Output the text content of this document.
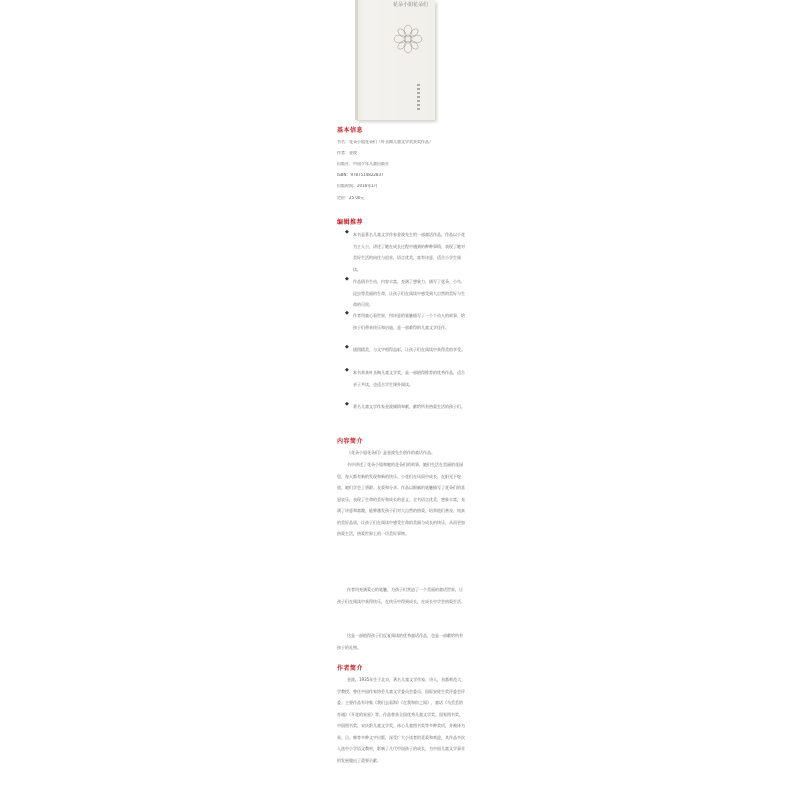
花朵小姐花朵们
基本信息
书名：花朵小姐花朵们（叶圣陶儿童文学奖获奖作品）
作者：金波
出版社：中国少年儿童出版社
ISBN：9787514822837
出版时间：2016年1月
定价：25.00元
编辑推荐
◆ 本书是著名儿童文学作家金波先生的一部童话作品，作品以小花为主人公，讲述了她在成长过程中遇到的种种事情，表现了她对美好生活的向往与追求，语言优美，富有诗意，适合小学生阅读。
◆ 作品情节生动，内容丰富，充满了想象力，描写了花朵、小鸟、昆虫等美丽的生命，让孩子们在阅读中感受到大自然的美好与生命的可贵。
◆ 作者用童心看世界，用诗意的笔触描写了一个个动人的故事，给孩子们带来快乐和启迪，是一部难得的儿童文学佳作。
◆ 插图精美，与文字相得益彰，让孩子们在阅读中获得美的享受。
◆ 本书荣获叶圣陶儿童文学奖，是一部值得推荐的优秀作品，适合亲子共读，也适合学生课外阅读。
◆ 著名儿童文学作家金波倾情奉献，献给所有热爱生活的孩子们。
内容简介
《花朵小姐花朵们》是金波先生创作的童话作品。
书中讲述了花朵小姐和她的花朵们的故事，她们生活在美丽的花园里，每天都有新的发现和新的快乐。小花们在风雨中成长，在阳光下绽放，她们学会了勇敢、友爱和分享。作品以细腻的笔触描写了花朵们的喜怒哀乐，表现了生命的美好和成长的意义。全书语言优美，想象丰富，充满了诗意和童趣，能够激发孩子们对大自然的热爱，培养他们善良、纯真的美好品质，让孩子们在阅读中感受生命的美丽与成长的快乐，从而更加热爱生活，热爱世界上的一切美好事物。
作者用充满爱心的笔触，为孩子们营造了一个美丽的童话世界，让孩子们在阅读中获得快乐，在快乐中得到成长，在成长中学会热爱生活。
这是一部值得孩子们反复阅读的优秀童话作品，也是一部献给所有孩子的礼物。
作者简介
金波，1935年生于北京，著名儿童文学作家、诗人，首都师范大学教授。曾任中国作家协会儿童文学委员会委员，国际安徒生奖评委会评委。主要作品有诗集《我们去看海》《在我和你之间》，童话《乌丢丢的奇遇》《开花的星星》等。作品曾获全国优秀儿童文学奖、国家图书奖、中国图书奖、宋庆龄儿童文学奖、冰心儿童图书奖等多种奖项，并被译为英、日、韩等多种文字出版，深受广大小读者的喜爱和欢迎，其作品多次入选中小学语文教材，影响了几代中国孩子的成长，为中国儿童文学事业的发展做出了重要贡献。
